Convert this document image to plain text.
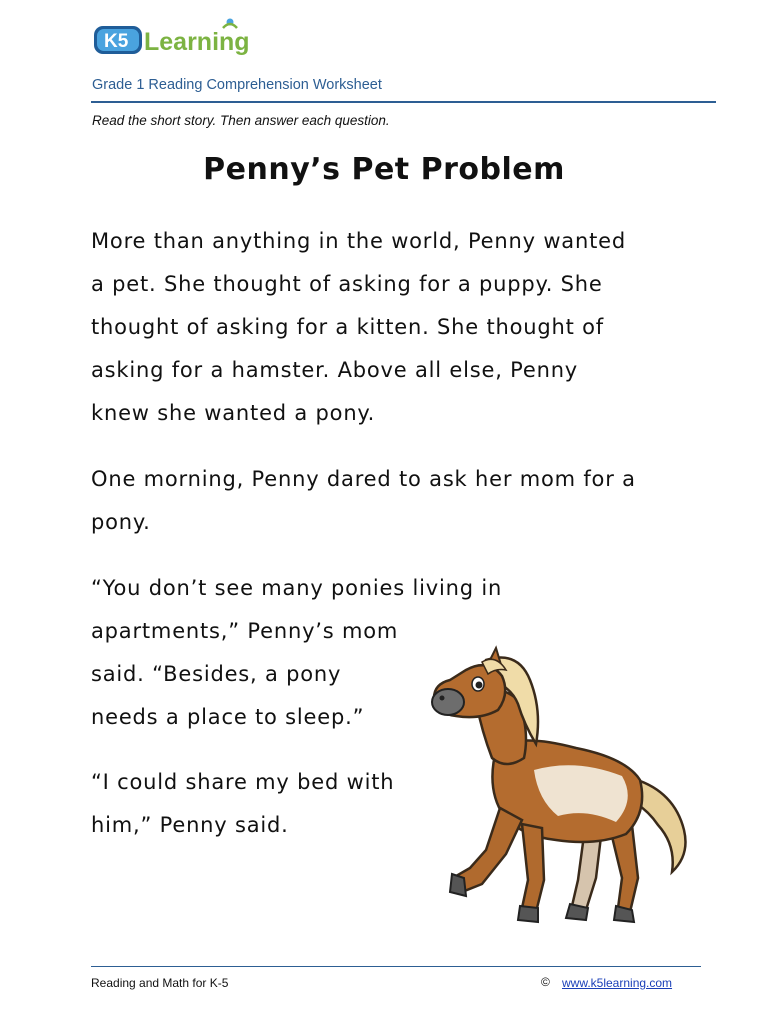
K5 Learning
Grade 1 Reading Comprehension Worksheet
Read the short story. Then answer each question.
Penny’s Pet Problem
More than anything in the world, Penny wanted
a pet. She thought of asking for a puppy. She
thought of asking for a kitten. She thought of
asking for a hamster. Above all else, Penny
knew she wanted a pony.
One morning, Penny dared to ask her mom for a
pony.
“You don’t see many ponies living in
apartments,” Penny’s mom
said. “Besides, a pony
needs a place to sleep.”
“I could share my bed with
him,” Penny said.
Reading and Math for K-5	© www.k5learning.com
